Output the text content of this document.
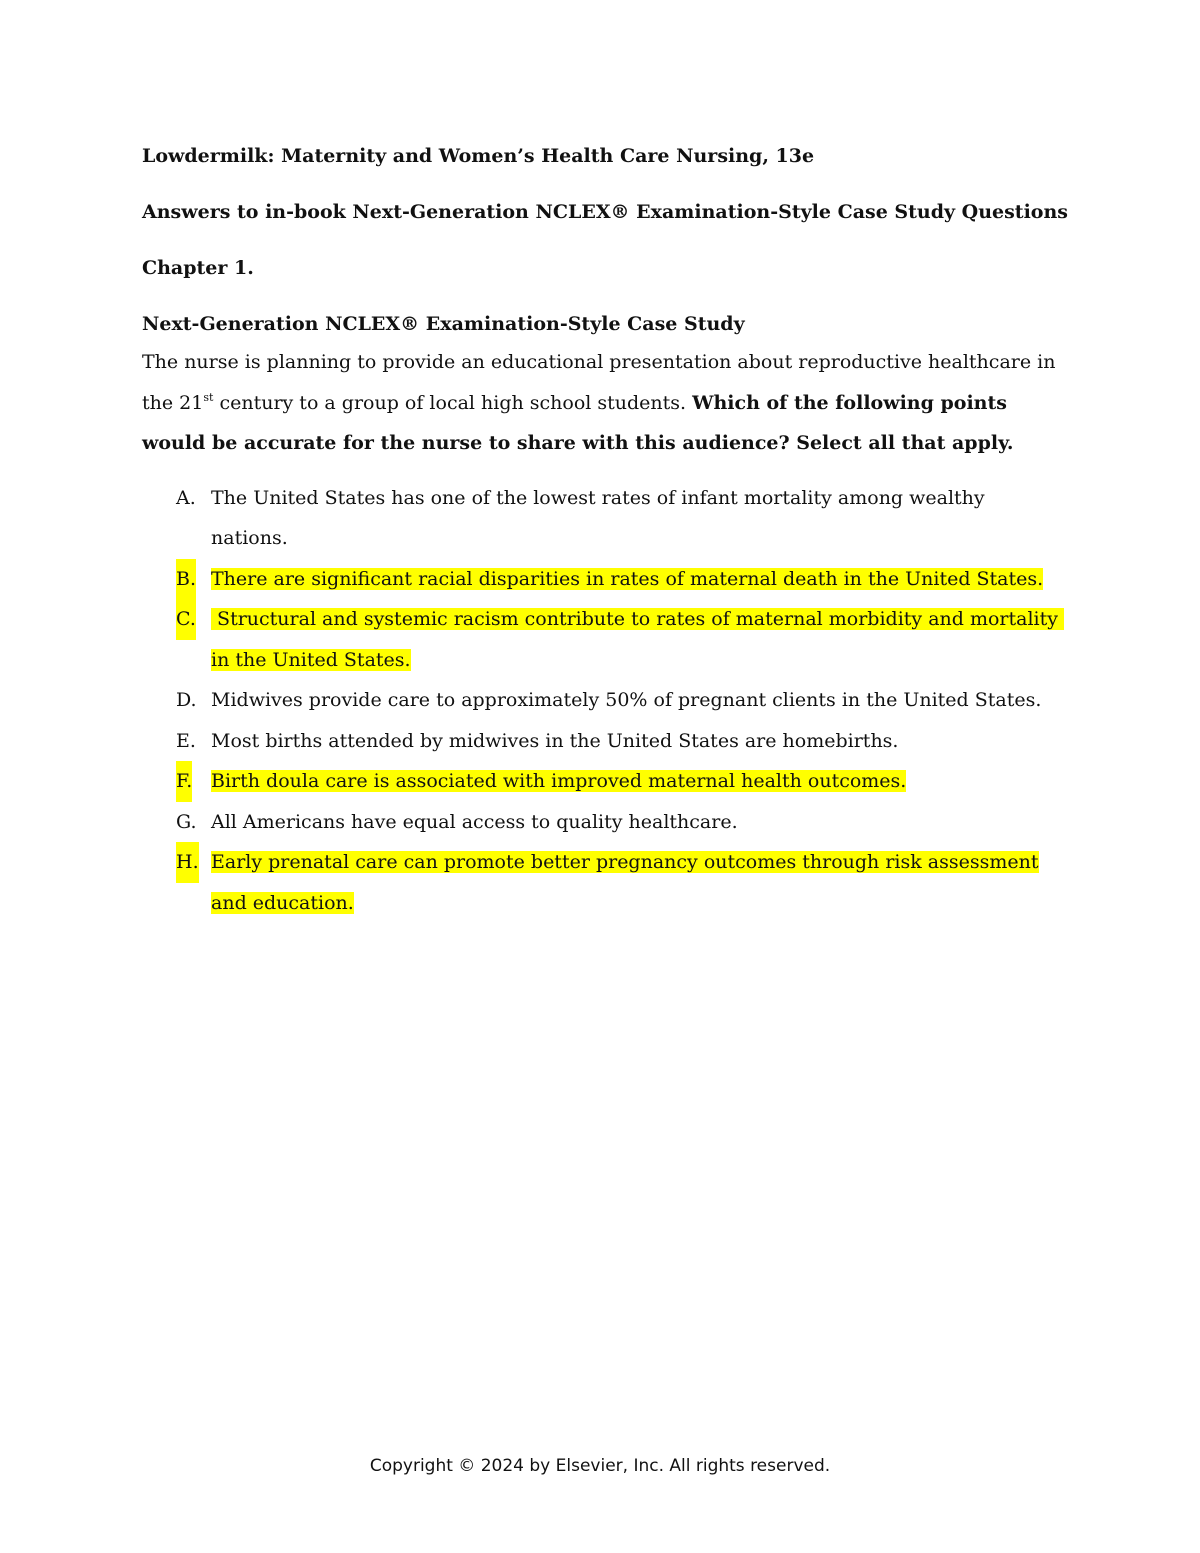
Lowdermilk: Maternity and Women’s Health Care Nursing, 13e
Answers to in-book Next-Generation NCLEX® Examination-Style Case Study Questions
Chapter 1.
Next-Generation NCLEX® Examination-Style Case Study

The nurse is planning to provide an educational presentation about reproductive healthcare in the 21st century to a group of local high school students. Which of the following points would be accurate for the nurse to share with this audience? Select all that apply.

A. The United States has one of the lowest rates of infant mortality among wealthy nations.
B. There are significant racial disparities in rates of maternal death in the United States.
C. Structural and systemic racism contribute to rates of maternal morbidity and mortality in the United States.
D. Midwives provide care to approximately 50% of pregnant clients in the United States.
E. Most births attended by midwives in the United States are homebirths.
F. Birth doula care is associated with improved maternal health outcomes.
G. All Americans have equal access to quality healthcare.
H. Early prenatal care can promote better pregnancy outcomes through risk assessment and education.
Copyright © 2024 by Elsevier, Inc. All rights reserved.
